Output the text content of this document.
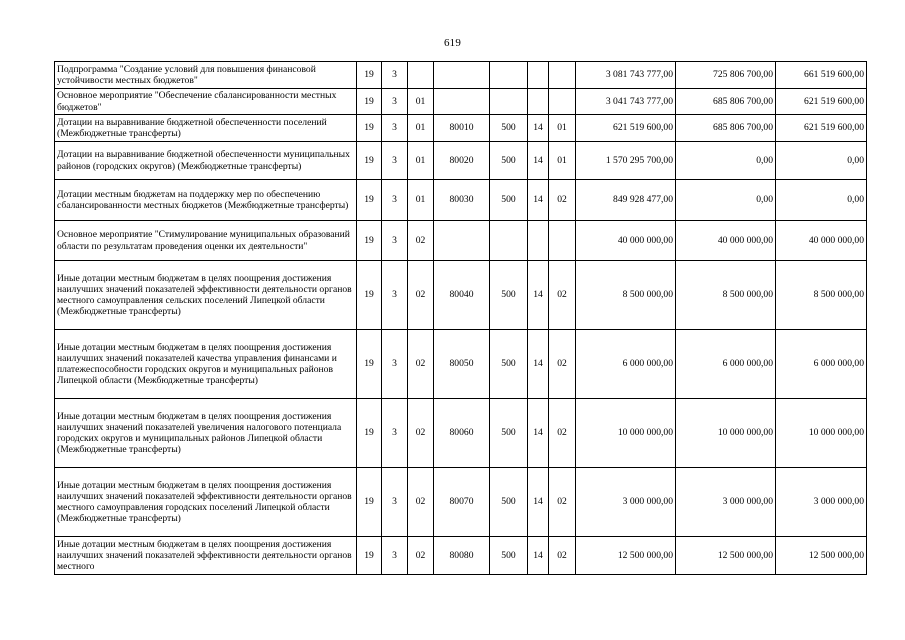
619
Подпрограмма "Создание условий для повышения финансовой устойчивости местных бюджетов"	19	3						3 081 743 777,00	725 806 700,00	661 519 600,00
Основное мероприятие "Обеспечение сбалансированности местных бюджетов"	19	3	01					3 041 743 777,00	685 806 700,00	621 519 600,00
Дотации на выравнивание бюджетной обеспеченности поселений (Межбюджетные трансферты)	19	3	01	80010	500	14	01	621 519 600,00	685 806 700,00	621 519 600,00
Дотации на выравнивание бюджетной обеспеченности муниципальных районов (городских округов) (Межбюджетные трансферты)	19	3	01	80020	500	14	01	1 570 295 700,00	0,00	0,00
Дотации местным бюджетам на поддержку мер по обеспечению сбалансированности местных бюджетов (Межбюджетные трансферты)	19	3	01	80030	500	14	02	849 928 477,00	0,00	0,00
Основное мероприятие "Стимулирование муниципальных образований области по результатам проведения оценки их деятельности"	19	3	02					40 000 000,00	40 000 000,00	40 000 000,00
Иные дотации местным бюджетам в целях поощрения достижения наилучших значений показателей эффективности деятельности органов местного самоуправления сельских поселений Липецкой области (Межбюджетные трансферты)	19	3	02	80040	500	14	02	8 500 000,00	8 500 000,00	8 500 000,00
Иные дотации местным бюджетам в целях поощрения достижения наилучших значений показателей качества управления финансами и платежеспособности городских округов и муниципальных районов Липецкой области (Межбюджетные трансферты)	19	3	02	80050	500	14	02	6 000 000,00	6 000 000,00	6 000 000,00
Иные дотации местным бюджетам в целях поощрения достижения наилучших значений показателей увеличения налогового потенциала городских округов и муниципальных районов Липецкой области (Межбюджетные трансферты)	19	3	02	80060	500	14	02	10 000 000,00	10 000 000,00	10 000 000,00
Иные дотации местным бюджетам в целях поощрения достижения наилучших значений показателей эффективности деятельности органов местного самоуправления городских поселений Липецкой области (Межбюджетные трансферты)	19	3	02	80070	500	14	02	3 000 000,00	3 000 000,00	3 000 000,00
Иные дотации местным бюджетам в целях поощрения достижения наилучших значений показателей эффективности деятельности органов местного	19	3	02	80080	500	14	02	12 500 000,00	12 500 000,00	12 500 000,00
